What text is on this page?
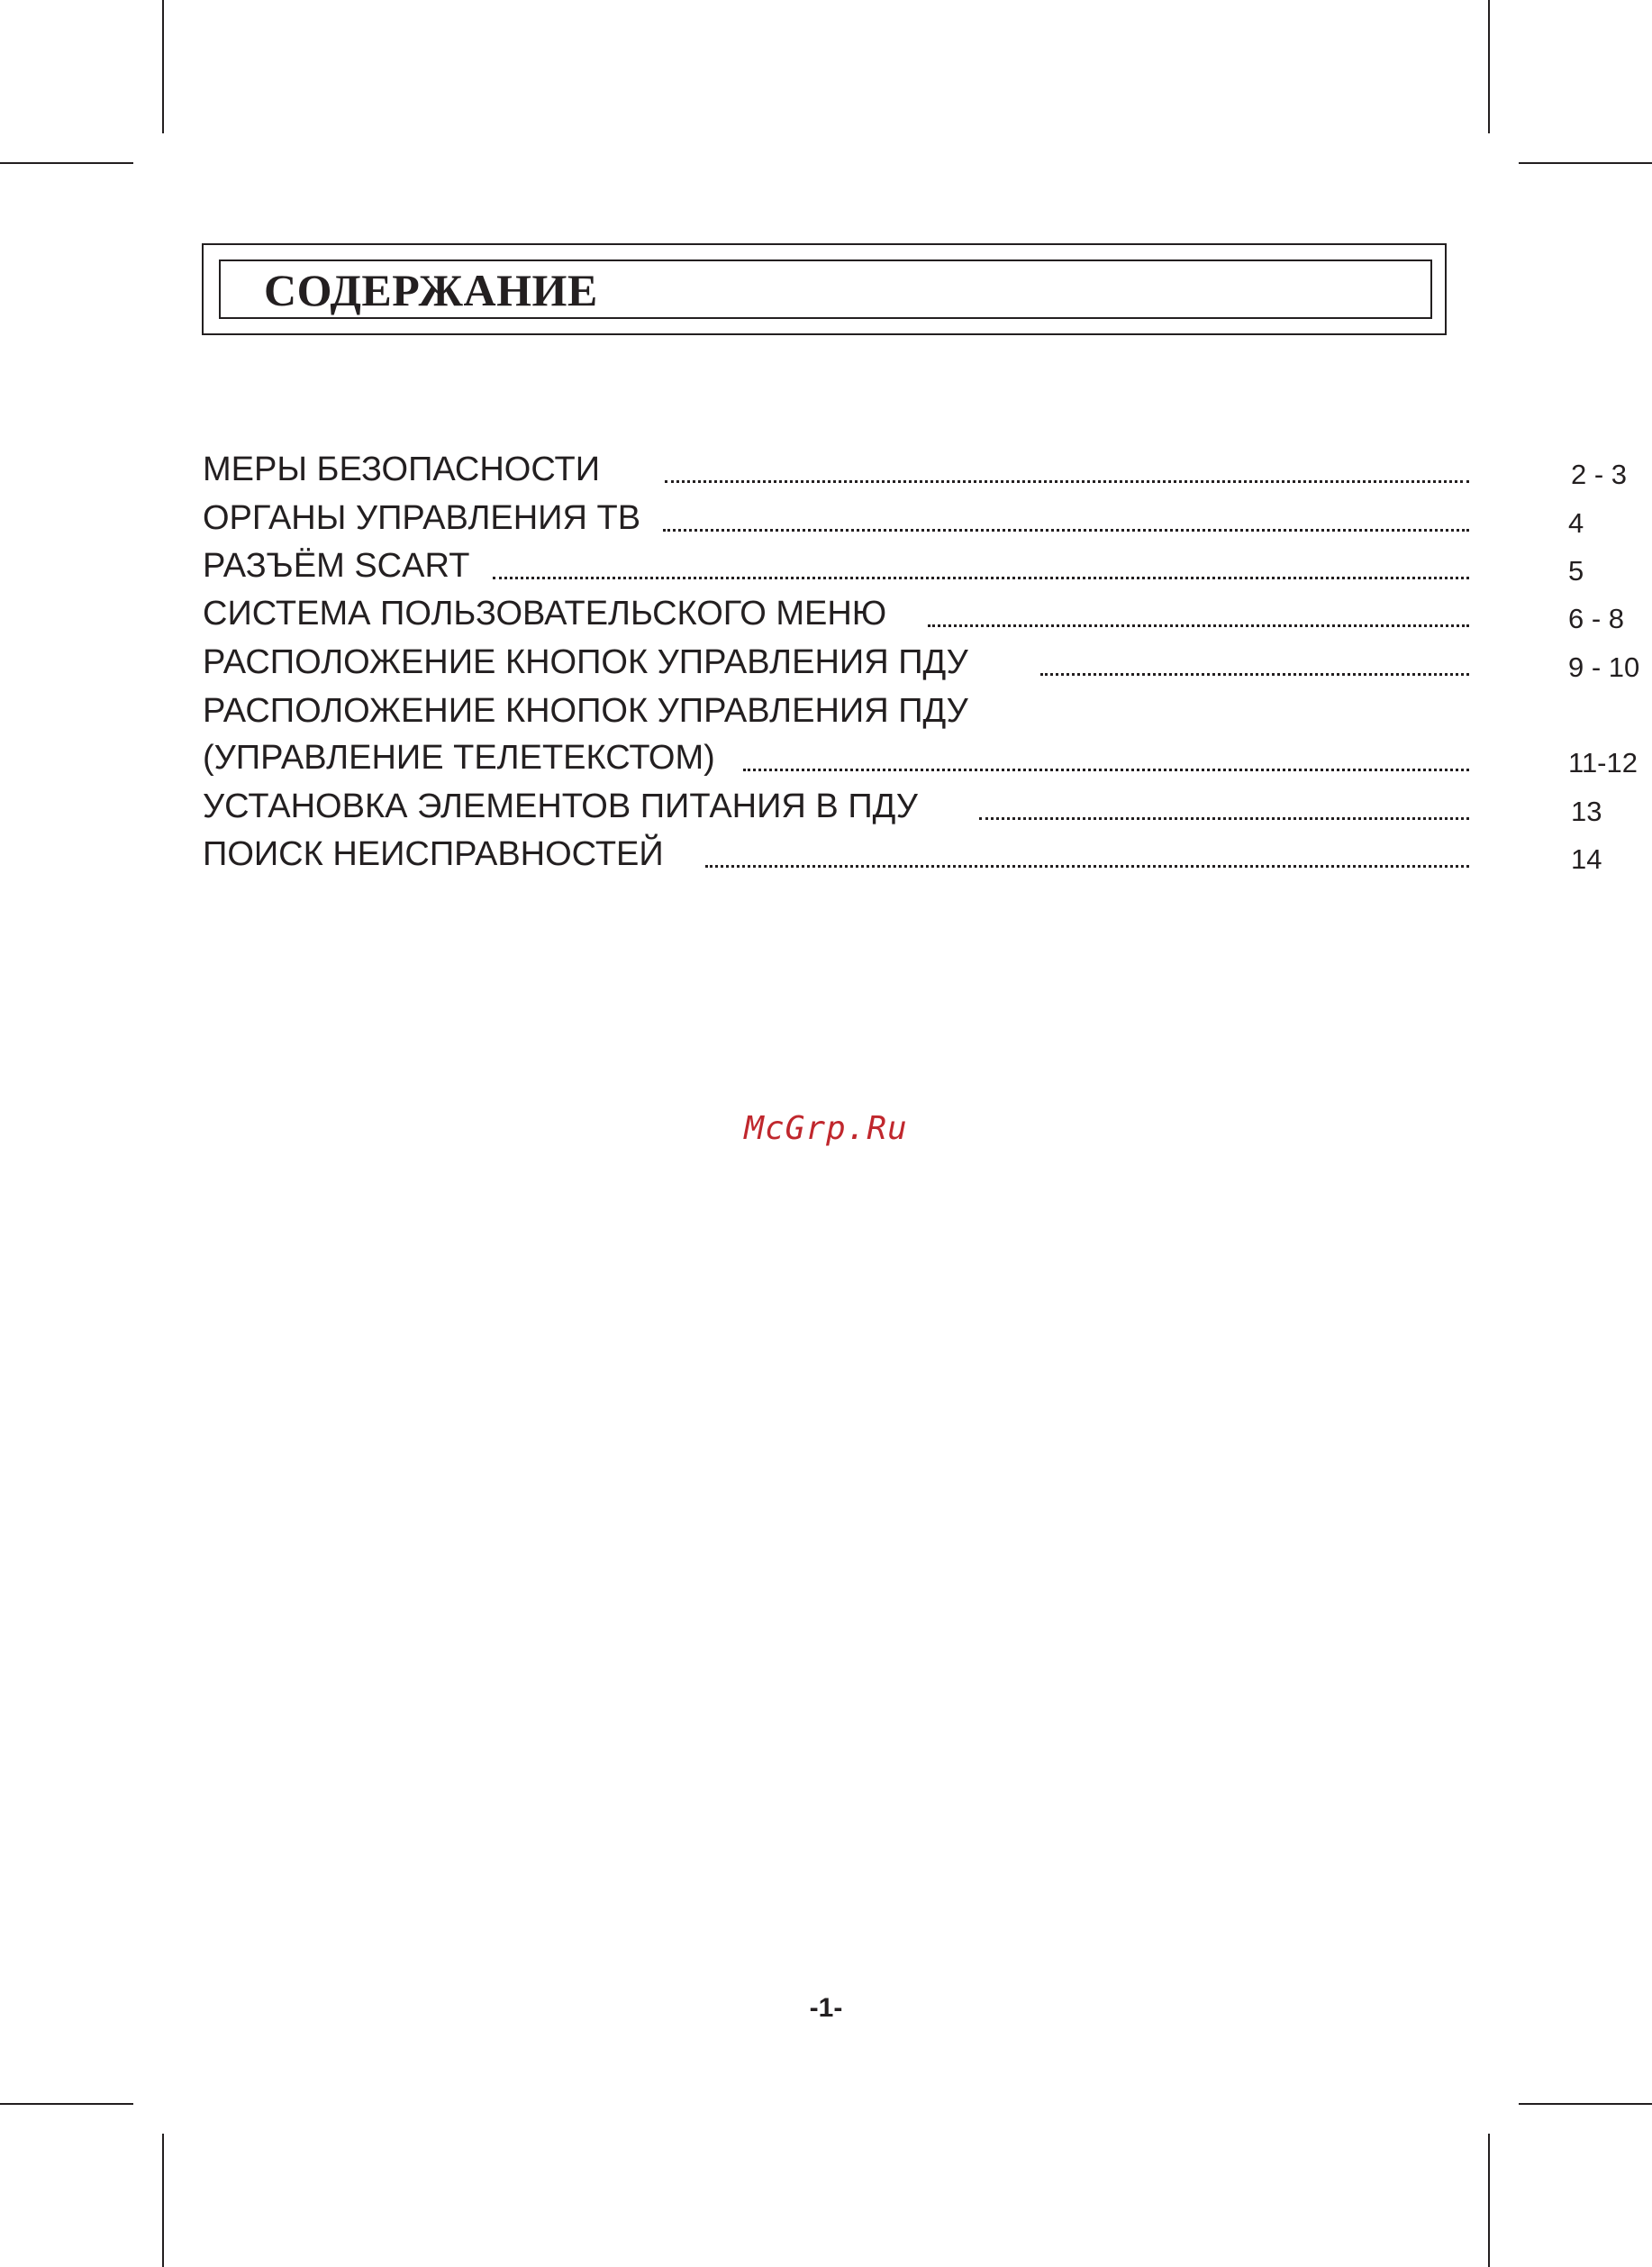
СОДЕРЖАНИЕ
МЕРЫ БЕЗОПАСНОСТИ	2 - 3
ОРГАНЫ УПРАВЛЕНИЯ ТВ	4
РАЗЪЁМ SCART	5
СИСТЕМА ПОЛЬЗОВАТЕЛЬСКОГО МЕНЮ	6 - 8
РАСПОЛОЖЕНИЕ КНОПОК УПРАВЛЕНИЯ ПДУ	9 - 10
РАСПОЛОЖЕНИЕ КНОПОК УПРАВЛЕНИЯ ПДУ
(УПРАВЛЕНИЕ ТЕЛЕТЕКСТОМ)	11-12
УСТАНОВКА ЭЛЕМЕНТОВ ПИТАНИЯ В ПДУ	13
ПОИСК НЕИСПРАВНОСТЕЙ	14
McGrp.Ru
-1-
